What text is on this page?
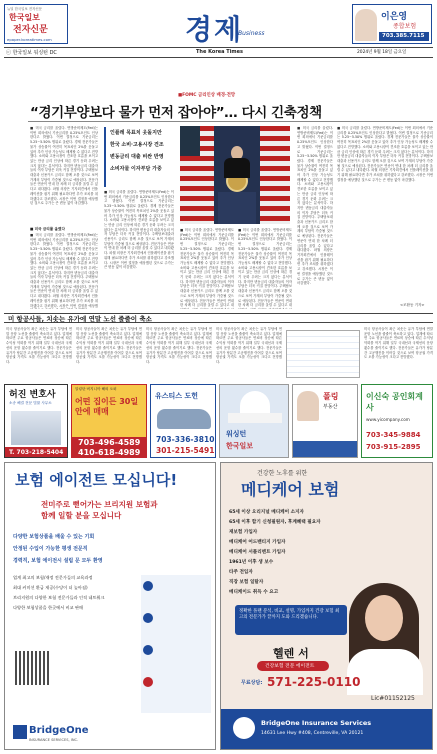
뉴딜 한국일보 전자신문
한국일보
전자신문
epaper.koreatimes.com	경제
Business
이은영
종합보험
703.385.7115
ⓒ 한국일보 워싱턴 DC	The Korea Times	2024년 9월 18일 금요일
■FOMC 금리인상 배경·전망
“경기부양보다 물가 먼저 잡아야”… 다시 긴축정책
■ 미국 금리를 올렸다. 연방준비제도(Fed)는 이번 회의에서 기준금리를 0.25%포인트 인상한다고 밝혔다. 이번 결정으로 기준금리는 5.25~5.50% 범위로 올랐다. 경제 전문가들은 물가 상승률이 여전히 목표치인 2%를 웃돌고 있어 추가 인상 가능성도 배제할 수 없다고 전망했다. 소비와 고용시장이 견조한 흐름을 보이고 있는 만큼 금리 인상에 따른 경기 둔화 우려는 크지 않다는 분석이다. 하지만 변동금리 대출자들의 이자 부담은 더욱 커질 전망이다. 주택담보대출과 신용카드 금리도 함께 오를 것으로 보여 가계의 부담이 가중될 것으로 예상된다. 전문가들은 연준이 연내 한 차례 더 금리를 올릴 수 있다고 내다봤다. 파월 의장은 기자회견에서 인플레이션을 잡기 위해 필요하다면 추가 조치를 취하겠다고 강조했다. 시장은 이번 결정을 예상했던 것으로 주가는 큰 변동 없이 마감했다.
■ 미국 금리를 올렸다
■ 미국 금리를 올렸다. 연방준비제도(Fed)는 이번 회의에서 기준금리를 0.25%포인트 인상한다고 밝혔다. 이번 결정으로 기준금리는 5.25~5.50% 범위로 올랐다. 경제 전문가들은 물가 상승률이 여전히 목표치인 2%를 웃돌고 있어 추가 인상 가능성도 배제할 수 없다고 전망했다. 소비와 고용시장이 견조한 흐름을 보이고 있는 만큼 금리 인상에 따른 경기 둔화 우려는 크지 않다는 분석이다. 하지만 변동금리 대출자들의 이자 부담은 더욱 커질 전망이다. 주택담보대출과 신용카드 금리도 함께 오를 것으로 보여 가계의 부담이 가중될 것으로 예상된다. 전문가들은 연준이 연내 한 차례 더 금리를 올릴 수 있다고 내다봤다. 파월 의장은 기자회견에서 인플레이션을 잡기 위해 필요하다면 추가 조치를 취하겠다고 강조했다. 시장은 이번 결정을 예상했
인플레 목표치 웃돌지만
한국 소비·고용시장 견조
변동금리 대출 비싼 반영
소비자물 이자부담 가중
■ 미국 금리를 올렸다. 연방준비제도(Fed)는 이번 회의에서 기준금리를 0.25%포인트 인상한다고 밝혔다. 이번 결정으로 기준금리는 5.25~5.50% 범위로 올랐다. 경제 전문가들은 물가 상승률이 여전히 목표치인 2%를 웃돌고 있어 추가 인상 가능성도 배제할 수 없다고 전망했다. 소비와 고용시장이 견조한 흐름을 보이고 있는 만큼 금리 인상에 따른 경기 둔화 우려는 크지 않다는 분석이다. 하지만 변동금리 대출자들의 이자 부담은 더욱 커질 전망이다. 주택담보대출과 신용카드 금리도 함께 오를 것으로 보여 가계의 부담이 가중될 것으로 예상된다. 전문가들은 연준이 연내 한 차례 더 금리를 올릴 수 있다고 내다봤다. 파월 의장은 기자회견에서 인플레이션을 잡기 위해 필요하다면 추가 조치를 취하겠다고 강조했다. 시장은 이번 결정을 예상했던 것으로 주가는 큰 변동 없이 마감했다.
■ 미국 금리를 올렸다. 연방준비제도(Fed)는 이번 회의에서 기준금리를 0.25%포인트 인상한다고 밝혔다. 이번 결정으로 기준금리는 5.25~5.50% 범위로 올랐다. 경제 전문가들은 물가 상승률이 여전히 목표치인 2%를 웃돌고 있어 추가 인상 가능성도 배제할 수 없다고 전망했다. 소비와 고용시장이 견조한 흐름을 보이고 있는 만큼 금리 인상에 따른 경기 둔화 우려는 크지 않다는 분석이다. 하지만 변동금리 대출자들의 이자 부담은 더욱 커질 전망이다. 주택담보대출과 신용카드 금리도 함께 오를 것으로 보여 가계의 부담이 가중될 것으로 예상된다. 전문가들은 연준이 연내 한 차례 더 금리를 올릴 수 있다고 내
■ 미국 금리를 올렸다. 연방준비제도(Fed)는 이번 회의에서 기준금리를 0.25%포인트 인상한다고 밝혔다. 이번 결정으로 기준금리는 5.25~5.50% 범위로 올랐다. 경제 전문가들은 물가 상승률이 여전히 목표치인 2%를 웃돌고 있어 추가 인상 가능성도 배제할 수 없다고 전망했다. 소비와 고용시장이 견조한 흐름을 보이고 있는 만큼 금리 인상에 따른 경기 둔화 우려는 크지 않다는 분석이다. 하지만 변동금리 대출자들의 이자 부담은 더욱 커질 전망이다. 주택담보대출과 신용카드 금리도 함께 오를 것으로 보여 가계의 부담이 가중될 것으로 예상된다. 전문가들은 연준이 연내 한 차례 더 금리를 올릴 수 있다고 내
■ 미국 금리를 올렸다. 연방준비제도(Fed)는 이번 회의에서 기준금리를 0.25%포인트 인상한다고 밝혔다. 이번 결정으로 기준금리는 5.25~5.50% 범위로 올랐다. 경제 전문가들은 물가 상승률이 여전히 목표치인 2%를 웃돌고 있어 추가 인상 가능성도 배제할 수 없다고 전망했다. 소비와 고용시장이 견조한 흐름을 보이고 있는 만큼 금리 인상에 따른 경기 둔화 우려는 크지 않다는 분석이다. 하지만 변동금리 대출자들의 이자 부담은 더욱 커질 전망이다. 주택담보대출과 신용카드 금리도 함께 오를 것으로 보여 가계의 부담이 가중될 것으로 예상된다. 전문가들은 연준이 연내 한 차례 더 금리를 올릴 수 있다고 내다봤다. 파월 의장은 기자회견에서 인플레이션을 잡기 위해 필요하다면 추가 조치를 취하겠다고 강조했다. 시장은 이번 결정을 예상했던 것으로 주가는 큰 변동 없이 마감했다.
■ 미국 금리를 올렸다. 연방준비제도(Fed)는 이번 회의에서 기준금리를 0.25%포인트 인상한다고 밝혔다. 이번 결정으로 기준금리는 5.25~5.50% 범위로 올랐다. 경제 전문가들은 물가 상승률이 여전히 목표치인 2%를 웃돌고 있어 추가 인상 가능성도 배제할 수 없다고 전망했다. 소비와 고용시장이 견조한 흐름을 보이고 있는 만큼 금리 인상에 따른 경기 둔화 우려는 크지 않다는 분석이다. 하지만 변동금리 대출자들의 이자 부담은 더욱 커질 전망이다. 주택담보대출과 신용카드 금리도 함께 오를 것으로 보여 가계의 부담이 가중될 것으로 예상된다. 전문가들은 연준이 연내 한 차례 더 금리를 올릴 수 있다고 내다봤다. 파월 의장은 기자회견에서 인플레이션을 잡기 위해 필요하다면 추가 조치를 취하겠다고 강조했다. 시장은 이번 결정을 예상했던 것으로 주가는 큰 변동 없이 마감했다.
<조환동 기자>
미 항공사들, 치솟는 유가에 연말 노선 줄줄이 축소
미국 항공사들이 최근 치솟는 유가 부담에 연말 운항 노선을 줄줄이 축소하고 있다. 업계에 따르면 주요 항공사들은 연료비 상승에 따른 수익성 악화를 막기 위해 일부 국내선과 국제선의 운항 횟수를 줄이기로 했다. 전문가들은 유가가 당분간 고공행진을 이어갈 것으로 보여 항공권 가격도 오를 가능성이 크다고 전망했다.
미국 항공사들이 최근 치솟는 유가 부담에 연말 운항 노선을 줄줄이 축소하고 있다. 업계에 따르면 주요 항공사들은 연료비 상승에 따른 수익성 악화를 막기 위해 일부 국내선과 국제선의 운항 횟수를 줄이기로 했다. 전문가들은 유가가 당분간 고공행진을 이어갈 것으로 보여 항공권 가격도 오를 가능성이 크다고 전망했다.
미국 항공사들이 최근 치솟는 유가 부담에 연말 운항 노선을 줄줄이 축소하고 있다. 업계에 따르면 주요 항공사들은 연료비 상승에 따른 수익성 악화를 막기 위해 일부 국내선과 국제선의 운항 횟수를 줄이기로 했다. 전문가들은 유가가 당분간 고공행진을 이어갈 것으로 보여 항공권 가격도 오를 가능성이 크다고 전망했다.
미국 항공사들이 최근 치솟는 유가 부담에 연말 운항 노선을 줄줄이 축소하고 있다. 업계에 따르면 주요 항공사들은 연료비 상승에 따른 수익성 악화를 막기 위해 일부 국내선과 국제선의 운항 횟수를 줄이기로 했다. 전문가들은 유가가 당분간 고공행진을 이어갈 것으로 보여 항공권 가격도 오를 가능성이 크다고 전망했다.
미국 항공사들이 최근 치솟는 유가 부담에 연말 운항 노선을 줄줄이 축소하고 있다. 업계에 따르면 주요 항공사들은 연료비 상승에 따른 수익성 악화를 막기 위해 일부 국내선과 국제선의 운항 횟수를 줄이기로 했다. 전문가들은 유가가 당분간 고공행진을 이어갈 것으로 보여 항공권 가격도 오를 가능성이 크다고 전망했다.
허진 변호사
소송 해결 전문 법률 사무소
T. 703-218-5404
알링턴·버지니아 해외 오퍼
어떤 집이든 30일 안에 매매
703-496-4589
410-618-4989
유스티스 도헌
703-336-3810
301-215-5491
워싱턴
한국일보
폴링
부동산
이신숙 공인회계사
www.yicompany.com
703-345-9884
703-915-2895
보험 에이전트 모십니다!
전미주로 뻗어가는 브리지원 보험과
함께 일할 분을 모십니다
다양한 보험상품을 배울 수 있는 기회
안정된 수입이 가능한 평생 전문직
경력직, 보험 에이전시 설립 문 모두 환영
업계 최고의 보험/재정 전문가들의 교육과정
최대 커미션 환급 제공(수당이 더 높아짐)
브리지원의 다양한 보험 전문가들과 인적 네트워크
다양한 보험상품을 한곳에서 비교 판매
BridgeOne
INSURANCE SERVICES, INC.
건강한 노후를 위한
메디케어 보험
65세 이상 오리지널 메디케어 소지자
65세 이후 합기 신청필원자, 후계혜택 필요자
재보험 가입자
메디케어 어드밴티지 가입자
메디케어 서플리멘트 가입자
1961년 이후 생 보수
타주 전입자
직장 보험 일탈자
메디케이드 취득 수 요고
정확한 플랜 분석, 비교, 설명, 가입까지 건강 보험 최고의 전문가가 끝까지 도와 드리겠습니다.
헬렌 서
건강보험 전문 에이전트
무료상담: 571-225-0110
Lic#01152125
BridgeOne Insurance Services
14631 Lee Hwy #408, Centreville, VA 20121
